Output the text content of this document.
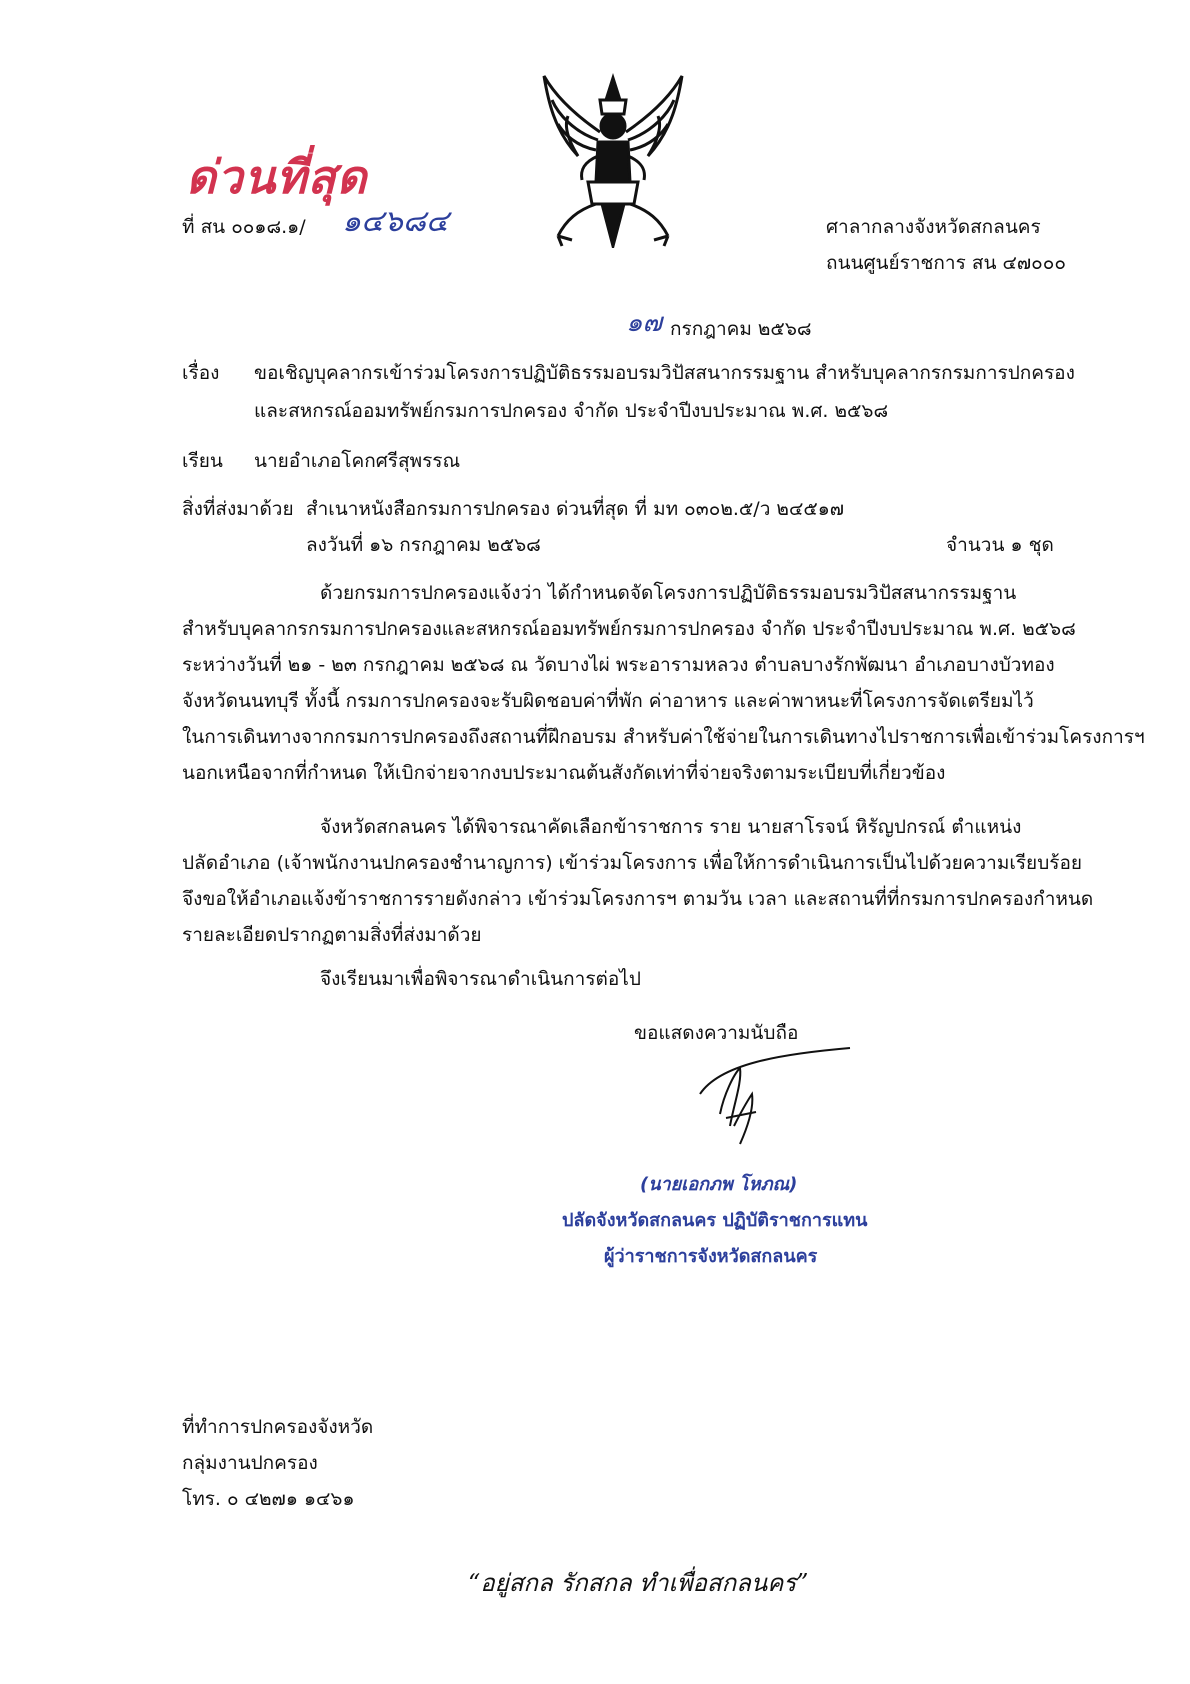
ด่วนที่สุด
ที่ สน ๐๐๑๘.๑/ ๑๔๖๘๔	ศาลากลางจังหวัดสกลนคร
ถนนศูนย์ราชการ สน ๔๗๐๐๐
๑๗ กรกฎาคม ๒๕๖๘
เรื่อง ขอเชิญบุคลากรเข้าร่วมโครงการปฏิบัติธรรมอบรมวิปัสสนากรรมฐาน สำหรับบุคลากรกรมการปกครอง
และสหกรณ์ออมทรัพย์กรมการปกครอง จำกัด ประจำปีงบประมาณ พ.ศ. ๒๕๖๘
เรียน นายอำเภอโคกศรีสุพรรณ
สิ่งที่ส่งมาด้วย สำเนาหนังสือกรมการปกครอง ด่วนที่สุด ที่ มท ๐๓๐๒.๕/ว ๒๔๕๑๗
ลงวันที่ ๑๖ กรกฎาคม ๒๕๖๘	จำนวน ๑ ชุด
ด้วยกรมการปกครองแจ้งว่า ได้กำหนดจัดโครงการปฏิบัติธรรมอบรมวิปัสสนากรรมฐาน
สำหรับบุคลากรกรมการปกครองและสหกรณ์ออมทรัพย์กรมการปกครอง จำกัด ประจำปีงบประมาณ พ.ศ. ๒๕๖๘
ระหว่างวันที่ ๒๑ - ๒๓ กรกฎาคม ๒๕๖๘ ณ วัดบางไผ่ พระอารามหลวง ตำบลบางรักพัฒนา อำเภอบางบัวทอง
จังหวัดนนทบุรี ทั้งนี้ กรมการปกครองจะรับผิดชอบค่าที่พัก ค่าอาหาร และค่าพาหนะที่โครงการจัดเตรียมไว้
ในการเดินทางจากกรมการปกครองถึงสถานที่ฝึกอบรม สำหรับค่าใช้จ่ายในการเดินทางไปราชการเพื่อเข้าร่วมโครงการฯ
นอกเหนือจากที่กำหนด ให้เบิกจ่ายจากงบประมาณต้นสังกัดเท่าที่จ่ายจริงตามระเบียบที่เกี่ยวข้อง
จังหวัดสกลนคร ได้พิจารณาคัดเลือกข้าราชการ ราย นายสาโรจน์ หิรัญปกรณ์ ตำแหน่ง
ปลัดอำเภอ (เจ้าพนักงานปกครองชำนาญการ) เข้าร่วมโครงการ เพื่อให้การดำเนินการเป็นไปด้วยความเรียบร้อย
จึงขอให้อำเภอแจ้งข้าราชการรายดังกล่าว เข้าร่วมโครงการฯ ตามวัน เวลา และสถานที่ที่กรมการปกครองกำหนด
รายละเอียดปรากฏตามสิ่งที่ส่งมาด้วย
จึงเรียนมาเพื่อพิจารณาดำเนินการต่อไป
ขอแสดงความนับถือ
(นายเอกภพ โหภณ)
ปลัดจังหวัดสกลนคร ปฏิบัติราชการแทน
ผู้ว่าราชการจังหวัดสกลนคร
ที่ทำการปกครองจังหวัด
กลุ่มงานปกครอง
โทร. ๐ ๔๒๗๑ ๑๔๖๑
“อยู่สกล รักสกล ทำเพื่อสกลนคร”
